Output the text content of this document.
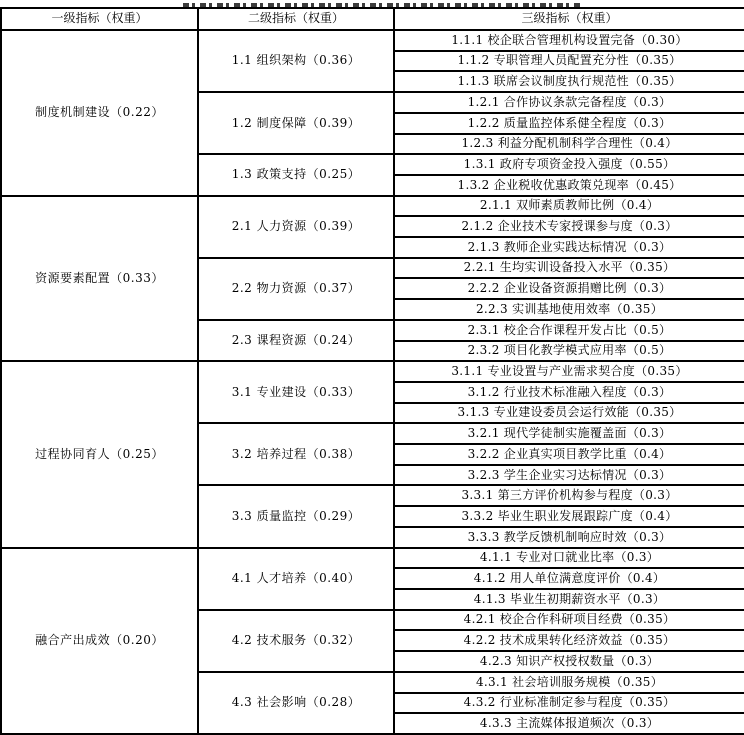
一级指标（权重）	二级指标（权重）	三级指标（权重）
制度机制建设（0.22）	1.1 组织架构（0.36）	1.1.1 校企联合管理机构设置完备（0.30）
		1.1.2 专职管理人员配置充分性（0.35）
		1.1.3 联席会议制度执行规范性（0.35）
	1.2 制度保障（0.39）	1.2.1 合作协议条款完备程度（0.3）
		1.2.2 质量监控体系健全程度（0.3）
		1.2.3 利益分配机制科学合理性（0.4）
	1.3 政策支持（0.25）	1.3.1 政府专项资金投入强度（0.55）
		1.3.2 企业税收优惠政策兑现率（0.45）
资源要素配置（0.33）	2.1 人力资源（0.39）	2.1.1 双师素质教师比例（0.4）
		2.1.2 企业技术专家授课参与度（0.3）
		2.1.3 教师企业实践达标情况（0.3）
	2.2 物力资源（0.37）	2.2.1 生均实训设备投入水平（0.35）
		2.2.2 企业设备资源捐赠比例（0.3）
		2.2.3 实训基地使用效率（0.35）
	2.3 课程资源（0.24）	2.3.1 校企合作课程开发占比（0.5）
		2.3.2 项目化教学模式应用率（0.5）
过程协同育人（0.25）	3.1 专业建设（0.33）	3.1.1 专业设置与产业需求契合度（0.35）
		3.1.2 行业技术标准融入程度（0.3）
		3.1.3 专业建设委员会运行效能（0.35）
	3.2 培养过程（0.38）	3.2.1 现代学徒制实施覆盖面（0.3）
		3.2.2 企业真实项目教学比重（0.4）
		3.2.3 学生企业实习达标情况（0.3）
	3.3 质量监控（0.29）	3.3.1 第三方评价机构参与程度（0.3）
		3.3.2 毕业生职业发展跟踪广度（0.4）
		3.3.3 教学反馈机制响应时效（0.3）
融合产出成效（0.20）	4.1 人才培养（0.40）	4.1.1 专业对口就业比率（0.3）
		4.1.2 用人单位满意度评价（0.4）
		4.1.3 毕业生初期薪资水平（0.3）
	4.2 技术服务（0.32）	4.2.1 校企合作科研项目经费（0.35）
		4.2.2 技术成果转化经济效益（0.35）
		4.2.3 知识产权授权数量（0.3）
	4.3 社会影响（0.28）	4.3.1 社会培训服务规模（0.35）
		4.3.2 行业标准制定参与程度（0.35）
		4.3.3 主流媒体报道频次（0.3）
